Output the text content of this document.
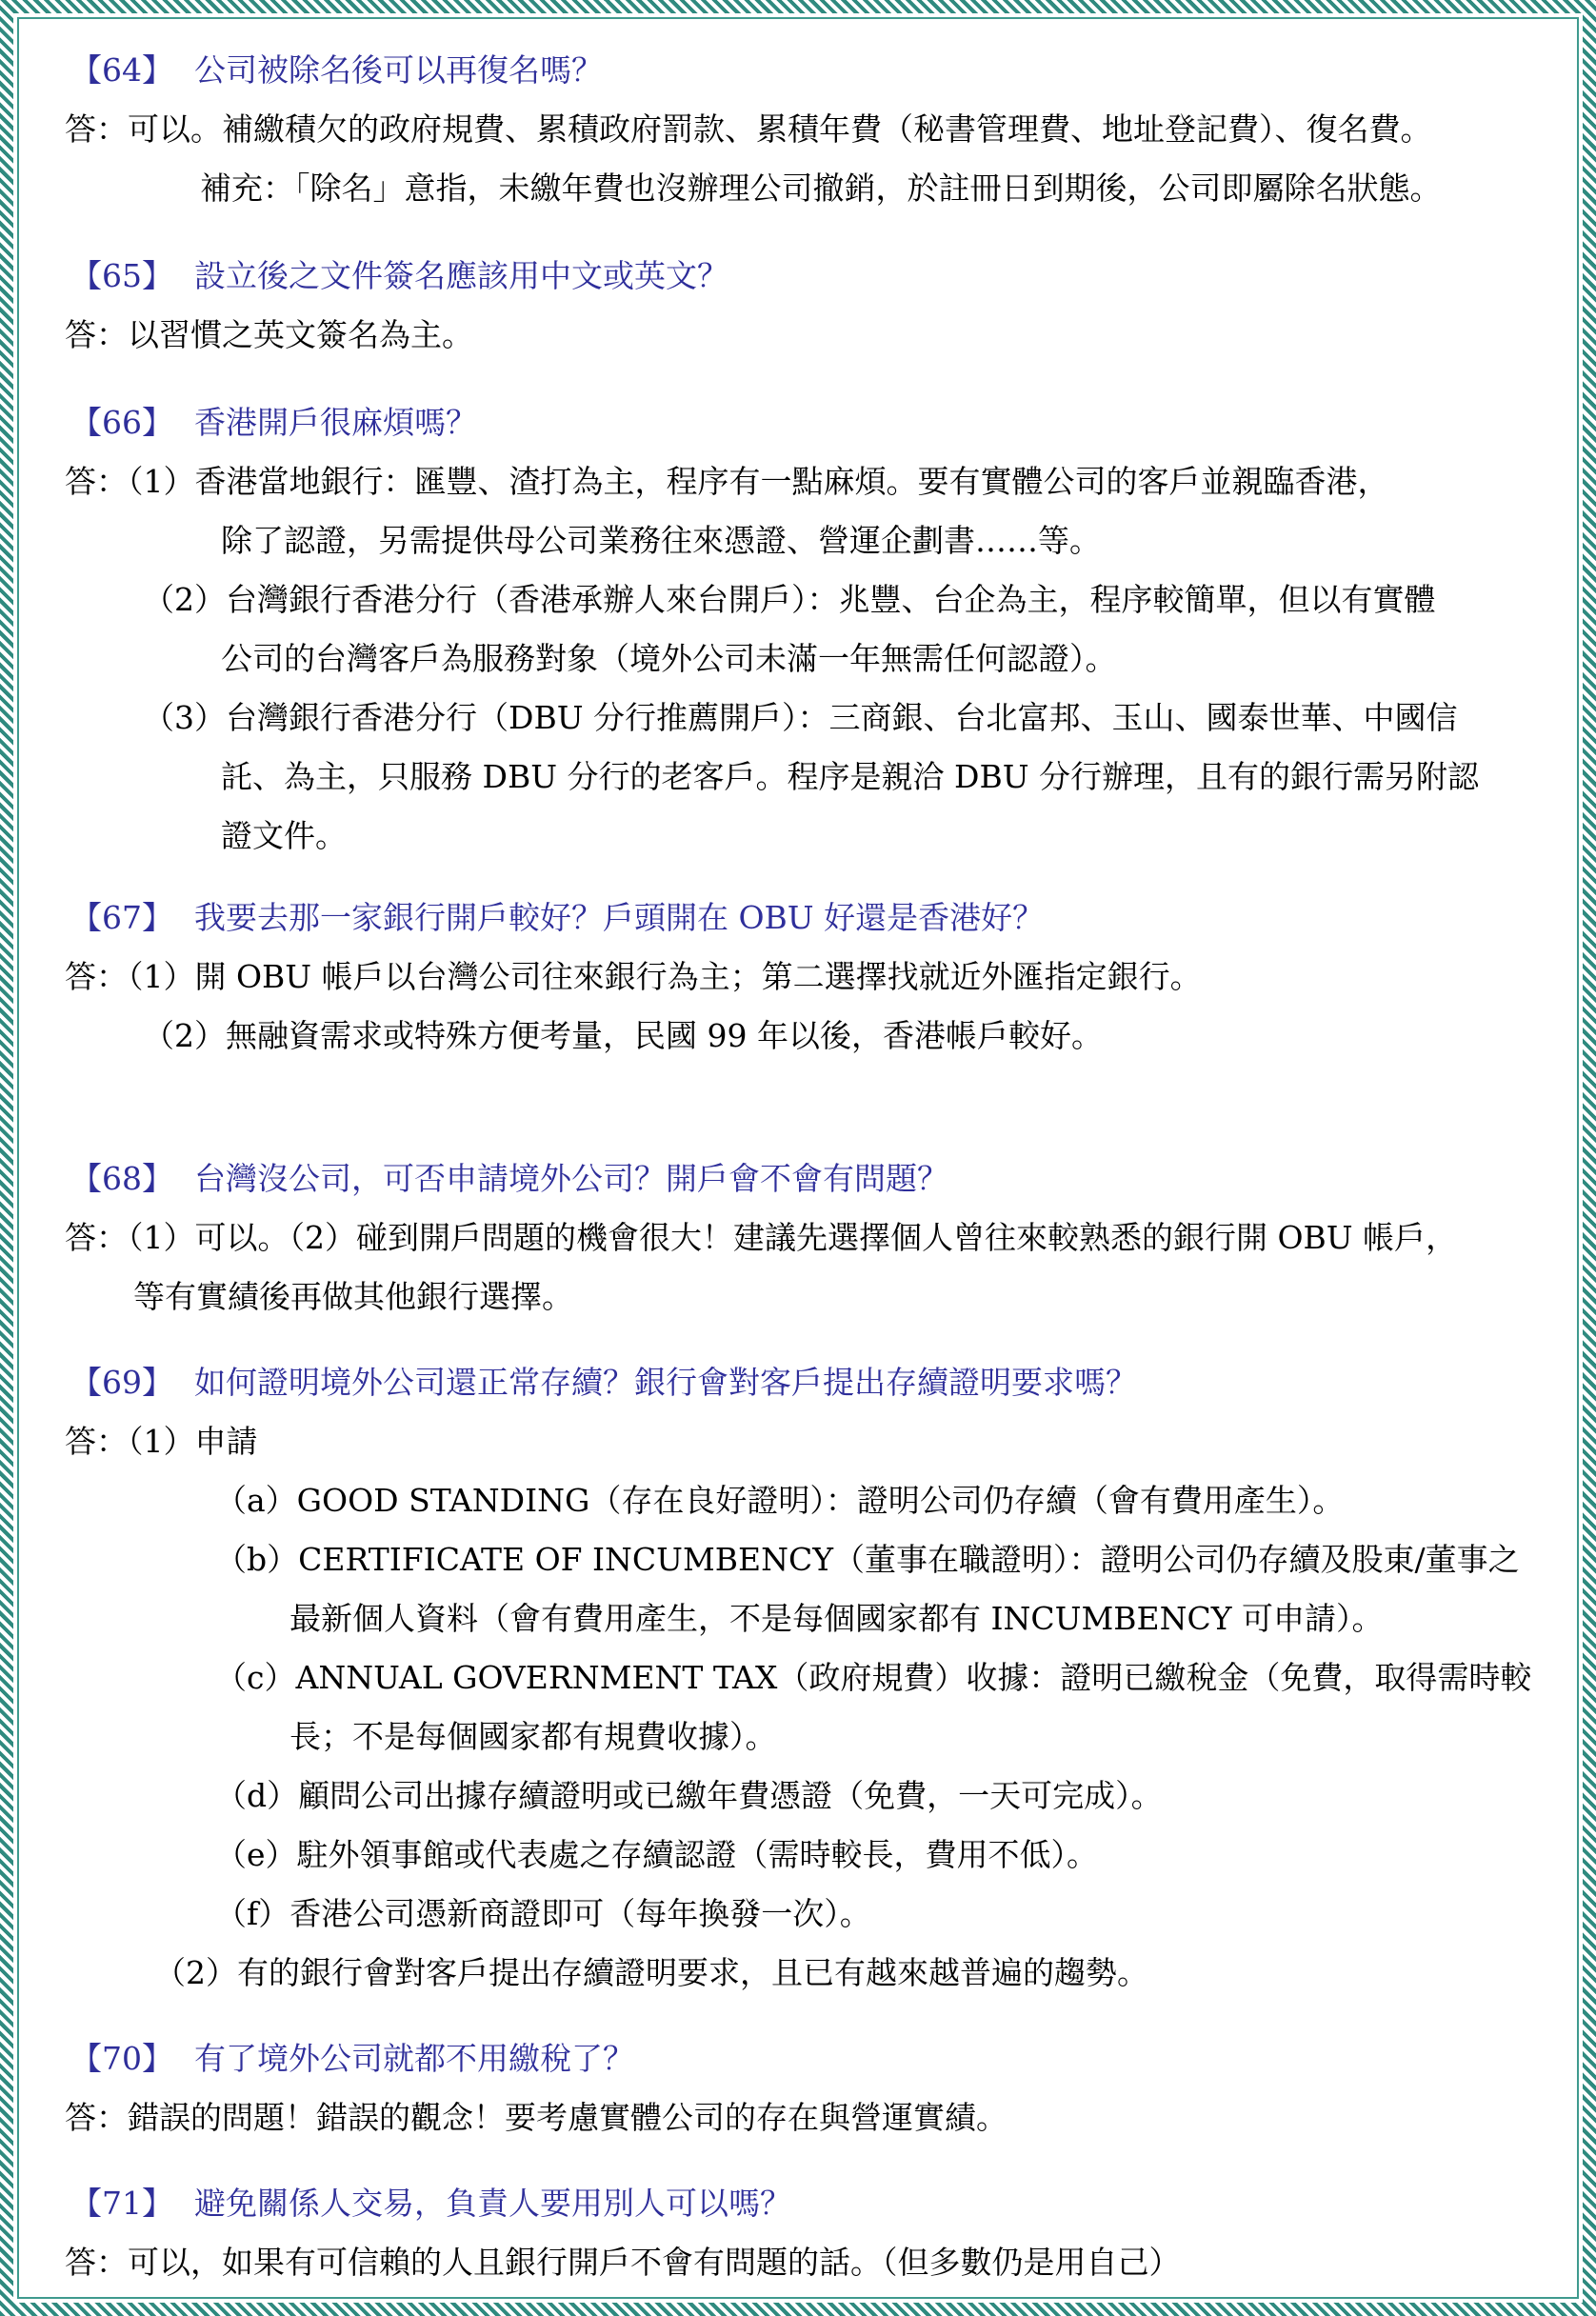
【64】 公司被除名後可以再復名嗎？
答：可以。補繳積欠的政府規費、累積政府罰款、累積年費（秘書管理費、地址登記費）、復名費。
補充：「除名」意指，未繳年費也沒辦理公司撤銷，於註冊日到期後，公司即屬除名狀態。
【65】 設立後之文件簽名應該用中文或英文？
答：以習慣之英文簽名為主。
【66】 香港開戶很麻煩嗎？
答：（1）香港當地銀行：匯豐、渣打為主，程序有一點麻煩。要有實體公司的客戶並親臨香港，
除了認證，另需提供母公司業務往來憑證、營運企劃書……等。
（2）台灣銀行香港分行（香港承辦人來台開戶）：兆豐、台企為主，程序較簡單，但以有實體
公司的台灣客戶為服務對象（境外公司未滿一年無需任何認證）。
（3）台灣銀行香港分行（DBU 分行推薦開戶）：三商銀、台北富邦、玉山、國泰世華、中國信
託、為主，只服務 DBU 分行的老客戶。程序是親洽 DBU 分行辦理，且有的銀行需另附認
證文件。
【67】 我要去那一家銀行開戶較好？戶頭開在 OBU 好還是香港好？
答：（1）開 OBU 帳戶以台灣公司往來銀行為主；第二選擇找就近外匯指定銀行。
（2）無融資需求或特殊方便考量，民國 99 年以後，香港帳戶較好。
【68】 台灣沒公司，可否申請境外公司？開戶會不會有問題？
答：（1）可以。（2）碰到開戶問題的機會很大！建議先選擇個人曾往來較熟悉的銀行開 OBU 帳戶，
等有實績後再做其他銀行選擇。
【69】 如何證明境外公司還正常存續？銀行會對客戶提出存續證明要求嗎？
答：（1）申請
（a）GOOD STANDING（存在良好證明）：證明公司仍存續（會有費用產生）。
（b）CERTIFICATE OF INCUMBENCY（董事在職證明）：證明公司仍存續及股東/董事之
最新個人資料（會有費用產生，不是每個國家都有 INCUMBENCY 可申請）。
（c）ANNUAL GOVERNMENT TAX（政府規費）收據：證明已繳稅金（免費，取得需時較
長；不是每個國家都有規費收據）。
（d）顧問公司出據存續證明或已繳年費憑證（免費，一天可完成）。
（e）駐外領事館或代表處之存續認證（需時較長，費用不低）。
（f）香港公司憑新商證即可（每年換發一次）。
（2）有的銀行會對客戶提出存續證明要求，且已有越來越普遍的趨勢。
【70】 有了境外公司就都不用繳稅了？
答：錯誤的問題！錯誤的觀念！要考慮實體公司的存在與營運實績。
【71】 避免關係人交易，負責人要用別人可以嗎？
答：可以，如果有可信賴的人且銀行開戶不會有問題的話。（但多數仍是用自己）
